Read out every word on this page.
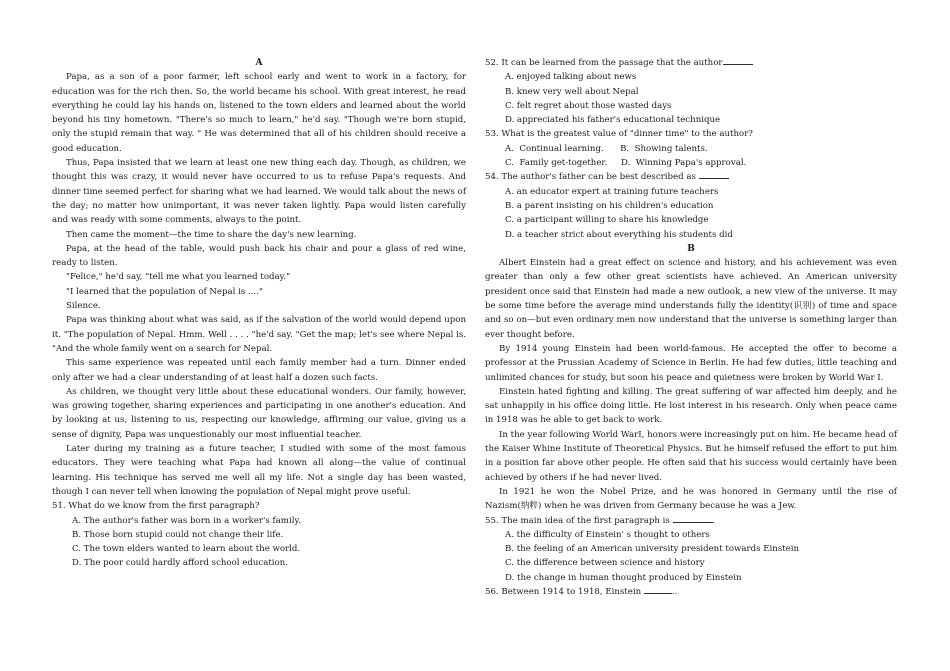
A

Papa, as a son of a poor farmer, left school early and went to work in a factory, for education was for the rich then. So, the world became his school. With great interest, he read everything he could lay his hands on, listened to the town elders and learned about the world beyond his tiny hometown. "There's so much to learn," he'd say. "Though we're born stupid, only the stupid remain that way. " He was determined that all of his children should receive a good education.

Thus, Papa insisted that we learn at least one new thing each day. Though, as children, we thought this was crazy, it would never have occurred to us to refuse Papa's requests. And dinner time seemed perfect for sharing what we had learned. We would talk about the news of the day; no matter how unimportant, it was never taken lightly. Papa would listen carefully and was ready with some comments, always to the point.

Then came the moment—the time to share the day's new learning.

Papa, at the head of the table, would push back his chair and pour a glass of red wine, ready to listen.

"Felice," he'd say, "tell me what you learned today."

"I learned that the population of Nepal is ...."

Silence.

Papa was thinking about what was said, as if the salvation of the world would depend upon it. "The population of Nepal. Hmm. Well . . . . "he'd say. "Get the map; let's see where Nepal is. "And the whole family went on a search for Nepal.

This same experience was repeated until each family member had a turn. Dinner ended only after we had a clear understanding of at least half a dozen such facts.

As children, we thought very little about these educational wonders. Our family, however, was growing together, sharing experiences and participating in one another's education. And by looking at us, listening to us, respecting our knowledge, affirming our value, giving us a sense of dignity, Papa was unquestionably our most influential teacher.

Later during my training as a future teacher, I studied with some of the most famous educators. They were teaching what Papa had known all along—the value of continual learning. His technique has served me well all my life. Not a single day has been wasted, though I can never tell when knowing the population of Nepal might prove useful.

51. What do we know from the first paragraph?

A. The author's father was born in a worker's family.

B. Those born stupid could not change their life.

C. The town elders wanted to learn about the world.

D. The poor could hardly afford school education.

52. It can be learned from the passage that the author

A. enjoyed talking about news

B. knew very well about Nepal

C. felt regret about those wasted days

D. appreciated his father's educational technique

53. What is the greatest value of "dinner time" to the author?

A.  Continual learning.      B.  Showing talents.

C.  Family get-together.     D.  Winning Papa's approval.

54. The author's father can be best described as

A. an educator expert at training future teachers

B. a parent insisting on his children's education

C. a participant willing to share his knowledge

D. a teacher strict about everything his students did

B

Albert Einstein had a great effect on science and history, and his achievement was even greater than only a few other great scientists have achieved. An American university president once said that Einstein had made a new outlook, a new view of the universe. It may be some time before the average mind understands fully the identity(识别) of time and space and so on—but even ordinary men now understand that the universe is something larger than ever thought before.

By 1914 young Einstein had been world-famous. He accepted the offer to become a professor at the Prussian Academy of Science in Berlin. He had few duties, little teaching and unlimited chances for study, but soon his peace and quietness were broken by World War Ⅰ.

Einstein hated fighting and killing. The great suffering of war affected him deeply, and he sat unhappily in his office doing little. He lost interest in his research. Only when peace came in 1918 was he able to get back to work.

In the year following World WarⅠ, honors were increasingly put on him. He became head of the Kaiser Whine Institute of Theoretical Physics. But he himself refused the effort to put him in a position far above other people. He often said that his success would certainly have been achieved by others if he had never lived.

In 1921 he won the Nobel Prize, and he was honored in Germany until the rise of Nazism(纳粹) when he was driven from Germany because he was a Jew.

55. The main idea of the first paragraph is	.

A. the difficulty of Einstein' s thought to others

B. the feeling of an American university president towards Einstein

C. the difference between science and history

D. the change in human thought produced by Einstein

56. Between 1914 to 1918, Einstein	..
